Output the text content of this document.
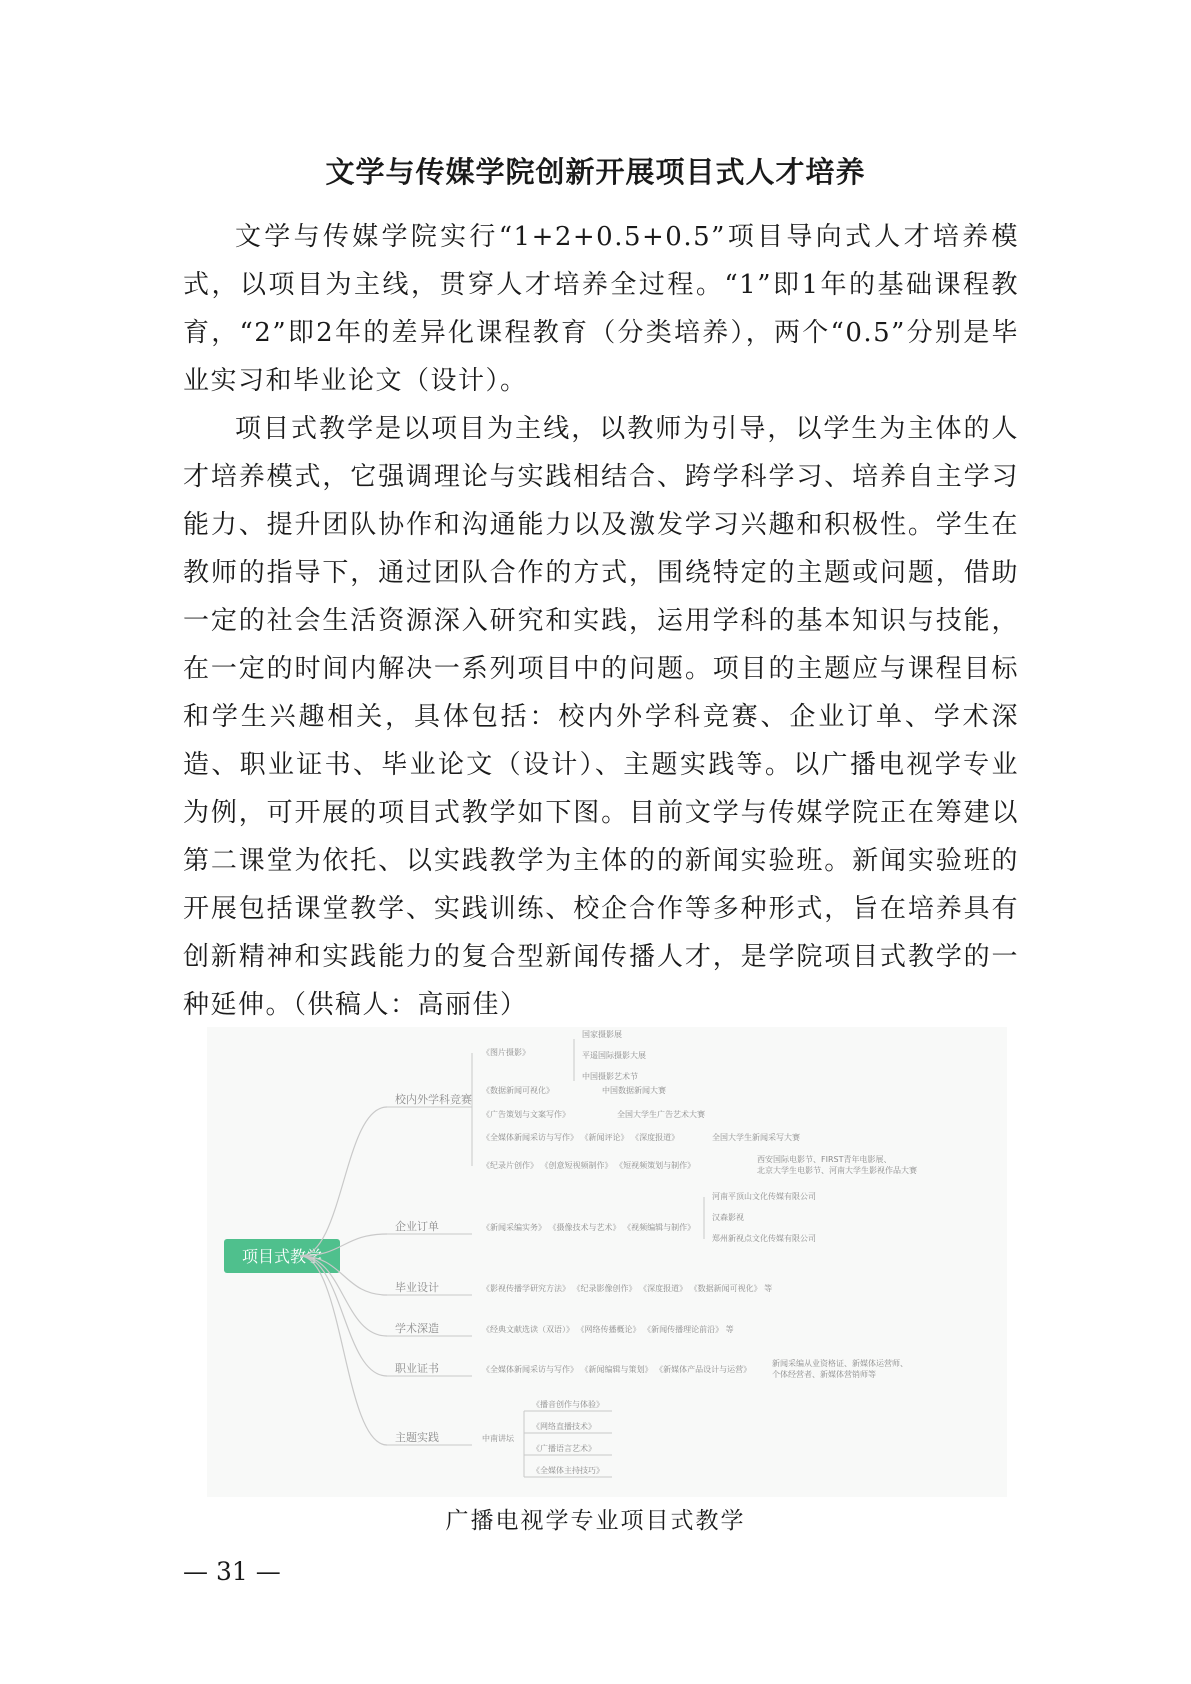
文学与传媒学院创新开展项目式人才培养

文学与传媒学院实行“1+2+0.5+0.5”项目导向式人才培养模式，以项目为主线，贯穿人才培养全过程。“1”即1年的基础课程教育，“2”即2年的差异化课程教育（分类培养），两个“0.5”分别是毕业实习和毕业论文（设计）。

项目式教学是以项目为主线，以教师为引导，以学生为主体的人才培养模式，它强调理论与实践相结合、跨学科学习、培养自主学习能力、提升团队协作和沟通能力以及激发学习兴趣和积极性。学生在教师的指导下，通过团队合作的方式，围绕特定的主题或问题，借助一定的社会生活资源深入研究和实践，运用学科的基本知识与技能，在一定的时间内解决一系列项目中的问题。项目的主题应与课程目标和学生兴趣相关，具体包括：校内外学科竞赛、企业订单、学术深造、职业证书、毕业论文（设计）、主题实践等。以广播电视学专业为例，可开展的项目式教学如下图。目前文学与传媒学院正在筹建以第二课堂为依托、以实践教学为主体的的新闻实验班。新闻实验班的开展包括课堂教学、实践训练、校企合作等多种形式，旨在培养具有创新精神和实践能力的复合型新闻传播人才，是学院项目式教学的一种延伸。（供稿人：高丽佳）

项目式教学
校内外学科竞赛
《图片摄影》
国家摄影展
平遥国际摄影大展
中国摄影艺术节
《数据新闻可视化》	中国数据新闻大赛
《广告策划与文案写作》	全国大学生广告艺术大赛
《全媒体新闻采访与写作》 《新闻评论》 《深度报道》	全国大学生新闻采写大赛
《纪录片创作》 《创意短视频制作》 《短视频策划与制作》
西安国际电影节、FIRST青年电影展、
北京大学生电影节、河南大学生影视作品大赛
企业订单	《新闻采编实务》 《摄像技术与艺术》 《视频编辑与制作》
河南平顶山文化传媒有限公司
汉森影视
郑州新视点文化传媒有限公司
毕业设计	《影视传播学研究方法》 《纪录影像创作》 《深度报道》 《数据新闻可视化》 等
学术深造	《经典文献选读（双语）》 《网络传播概论》 《新闻传播理论前沿》 等
职业证书	《全媒体新闻采访与写作》 《新闻编辑与策划》 《新媒体产品设计与运营》
新闻采编从业资格证、新媒体运营师、
个体经营者、新媒体营销师等
主题实践	中南讲坛
《播音创作与体验》
《网络直播技术》
《广播语言艺术》
《全媒体主持技巧》

广播电视学专业项目式教学

— 31 —
